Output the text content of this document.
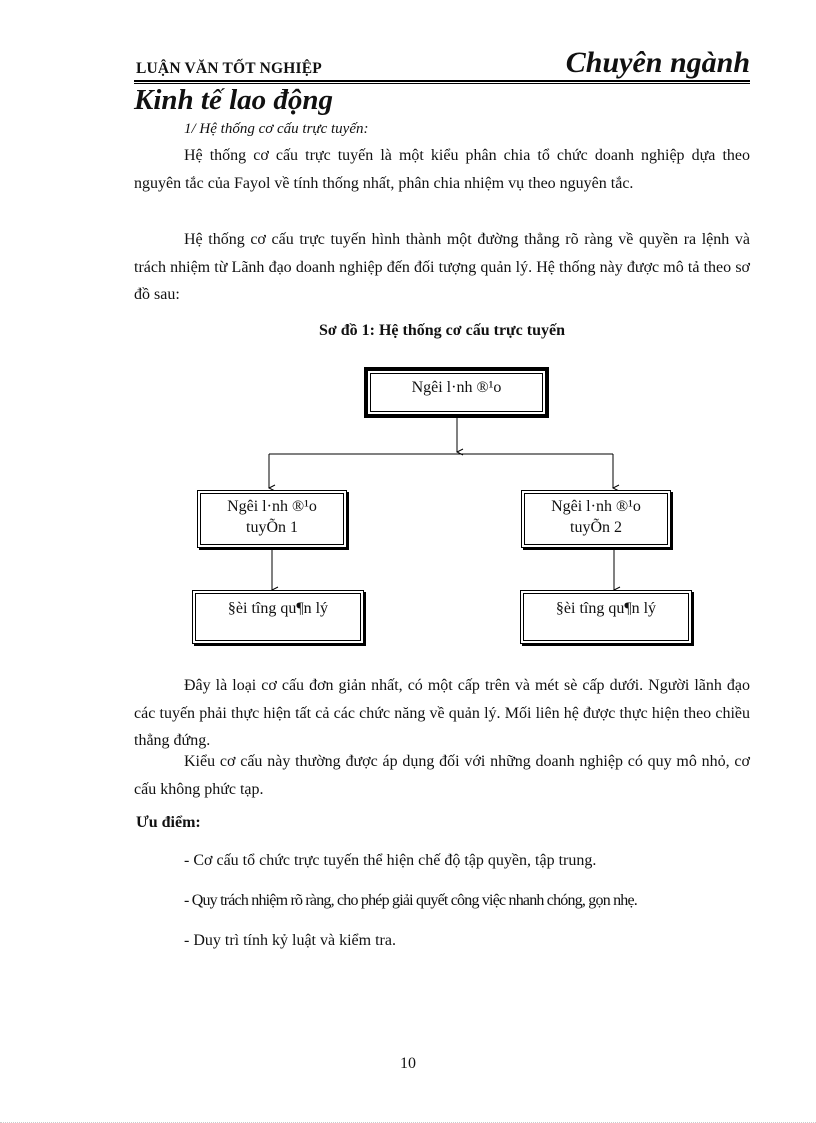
LUẬN VĂN TỐT NGHIỆP	Chuyên ngành
Kinh tế lao động
1/ Hệ thống cơ cấu trực tuyến:
Hệ thống cơ cấu trực tuyến là một kiểu phân chia tổ chức doanh nghiệp dựa theo nguyên tắc của Fayol về tính thống nhất, phân chia nhiệm vụ theo nguyên tắc.
Hệ thống cơ cấu trực tuyến hình thành một đường thẳng rõ ràng về quyền ra lệnh và trách nhiệm từ Lãnh đạo doanh nghiệp đến đối tượng quản lý. Hệ thống này được mô tả theo sơ đồ sau:
Sơ đồ 1: Hệ thống cơ cấu trực tuyến
Ngêi l·nh ®¹o
Ngêi l·nh ®¹o tuyÕn 1
Ngêi l·nh ®¹o tuyÕn 2
§èi tîng qu¶n lý	§èi tîng qu¶n lý
Đây là loại cơ cấu đơn giản nhất, có một cấp trên và mét sè cấp dưới. Người lãnh đạo các tuyến phải thực hiện tất cả các chức năng về quản lý. Mối liên hệ được thực hiện theo chiều thẳng đứng.
Kiểu cơ cấu này thường được áp dụng đối với những doanh nghiệp có quy mô nhỏ, cơ cấu không phức tạp.
Ưu điểm:
- Cơ cấu tổ chức trực tuyến thể hiện chế độ tập quyền, tập trung.
- Quy trách nhiệm rõ ràng, cho phép giải quyết công việc nhanh chóng, gọn nhẹ.
- Duy trì tính kỷ luật và kiểm tra.
10
